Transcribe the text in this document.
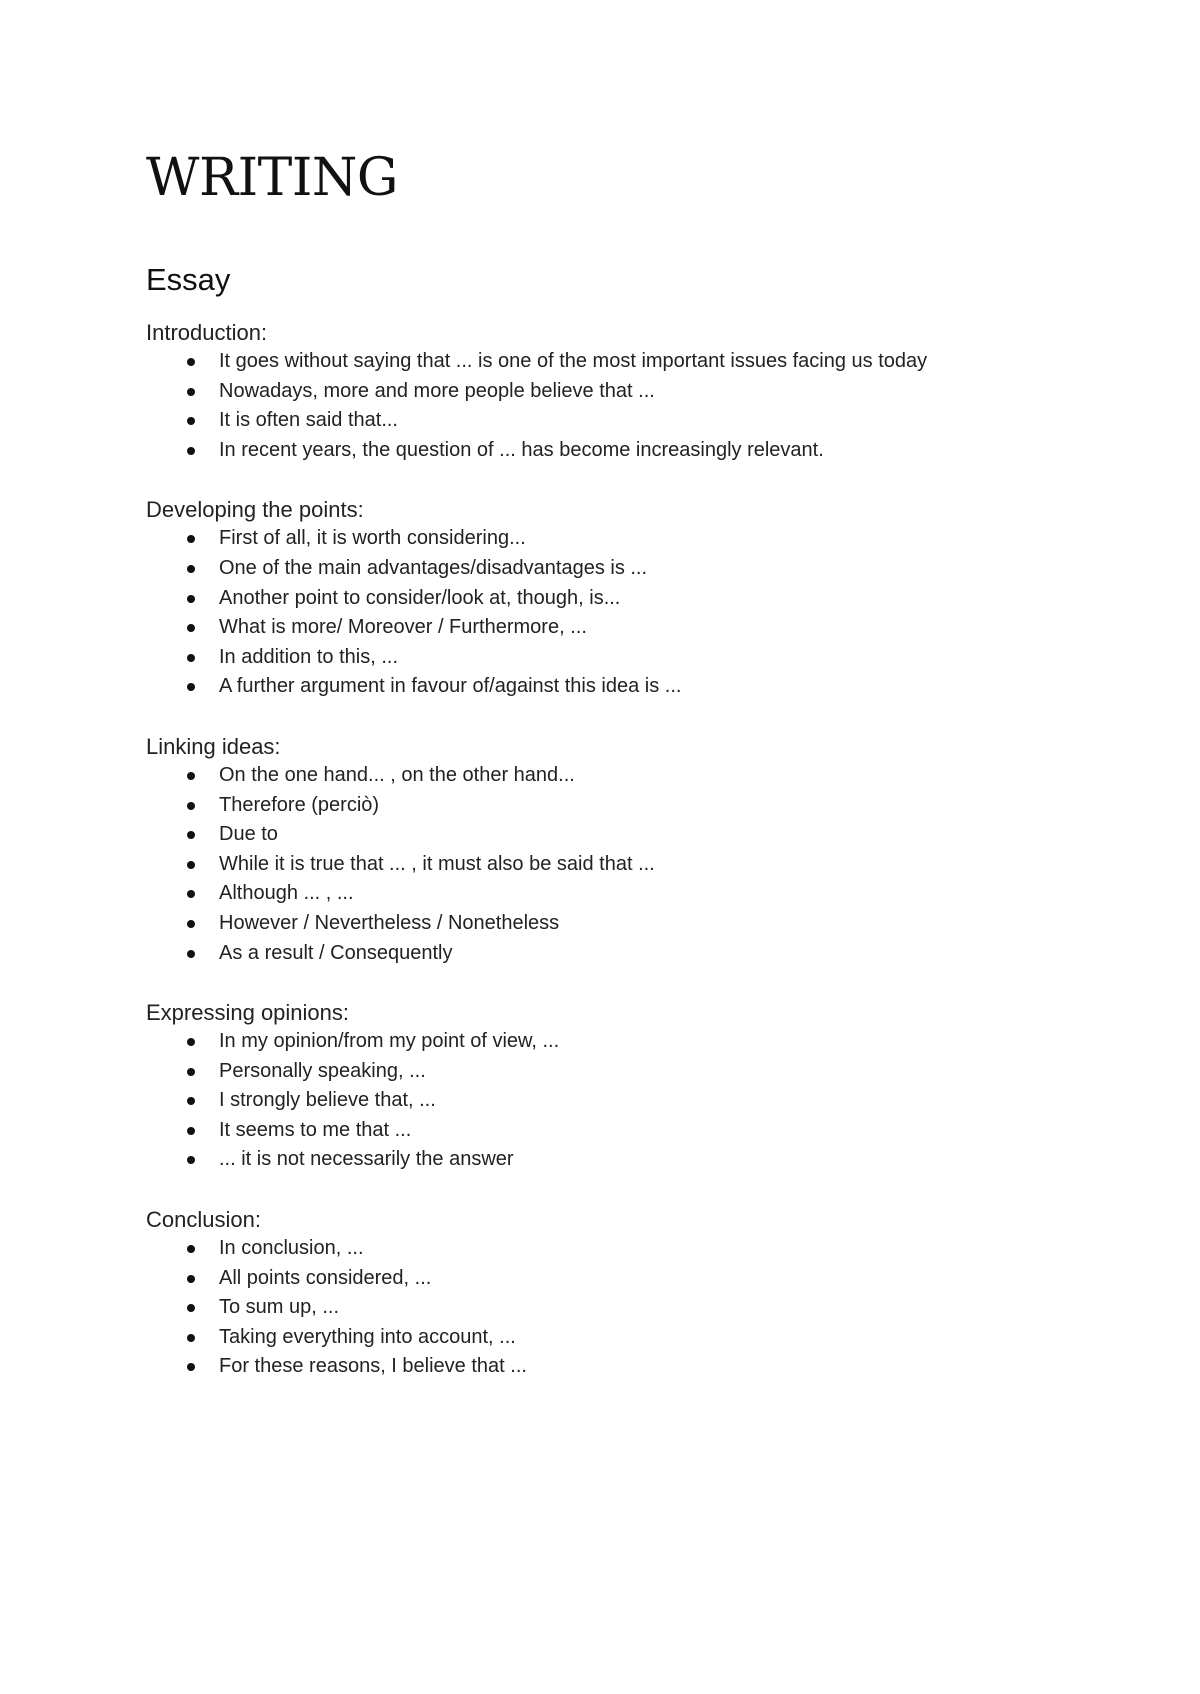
WRITING
Essay

Introduction:

It goes without saying that ... is one of the most important issues facing us today
Nowadays, more and more people believe that ...
It is often said that...
In recent years, the question of ... has become increasingly relevant.

Developing the points:

First of all, it is worth considering...
One of the main advantages/disadvantages is ...
Another point to consider/look at, though, is...
What is more/ Moreover / Furthermore, ...
In addition to this, ...
A further argument in favour of/against this idea is ...

Linking ideas:

On the one hand... , on the other hand...
Therefore (perciò)
Due to
While it is true that ... , it must also be said that ...
Although ... , ...
However / Nevertheless / Nonetheless
As a result / Consequently

Expressing opinions:

In my opinion/from my point of view, ...
Personally speaking, ...
I strongly believe that, ...
It seems to me that ...
... it is not necessarily the answer

Conclusion:

In conclusion, ...
All points considered, ...
To sum up, ...
Taking everything into account, ...
For these reasons, I believe that ...
